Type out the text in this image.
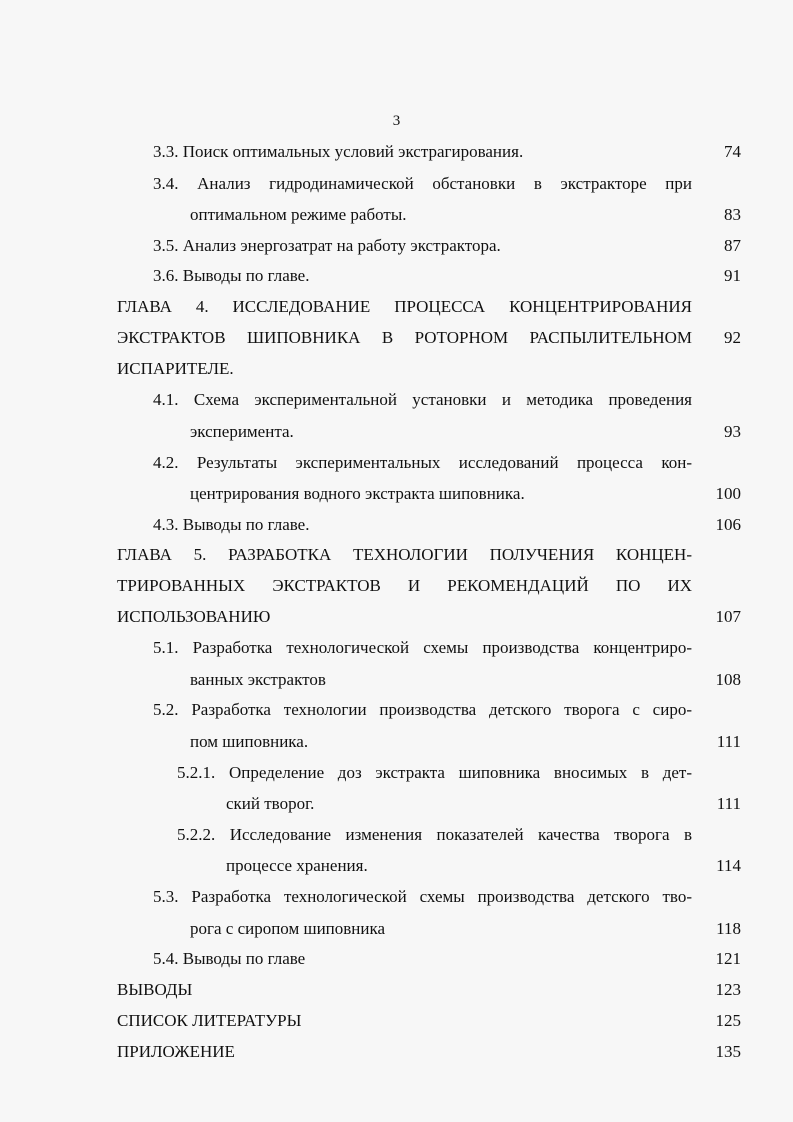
3
3.3. Поиск оптимальных условий экстрагирования.	74
3.4. Анализ гидродинамической обстановки в экстракторе при
оптимальном режиме работы.	83
3.5. Анализ энергозатрат на работу экстрактора.	87
3.6. Выводы по главе.	91
ГЛАВА 4. ИССЛЕДОВАНИЕ ПРОЦЕССА КОНЦЕНТРИРОВАНИЯ
ЭКСТРАКТОВ ШИПОВНИКА В РОТОРНОМ РАСПЫЛИТЕЛЬНОМ 92
ИСПАРИТЕЛЕ.
4.1. Схема экспериментальной установки и методика проведения
эксперимента.	93
4.2. Результаты экспериментальных исследований процесса кон-
центрирования водного экстракта шиповника.	100
4.3. Выводы по главе.	106
ГЛАВА 5. РАЗРАБОТКА ТЕХНОЛОГИИ ПОЛУЧЕНИЯ КОНЦЕН-
ТРИРОВАННЫХ ЭКСТРАКТОВ И РЕКОМЕНДАЦИЙ ПО ИХ
ИСПОЛЬЗОВАНИЮ	107
5.1. Разработка технологической схемы производства концентриро-
ванных экстрактов	108
5.2. Разработка технологии производства детского творога с сиро-
пом шиповника.	111
5.2.1. Определение доз экстракта шиповника вносимых в дет-
ский творог.	111
5.2.2. Исследование изменения показателей качества творога в
процессе хранения.	114
5.3. Разработка технологической схемы производства детского тво-
рога с сиропом шиповника	118
5.4. Выводы по главе	121
ВЫВОДЫ	123
СПИСОК ЛИТЕРАТУРЫ	125
ПРИЛОЖЕНИЕ	135
